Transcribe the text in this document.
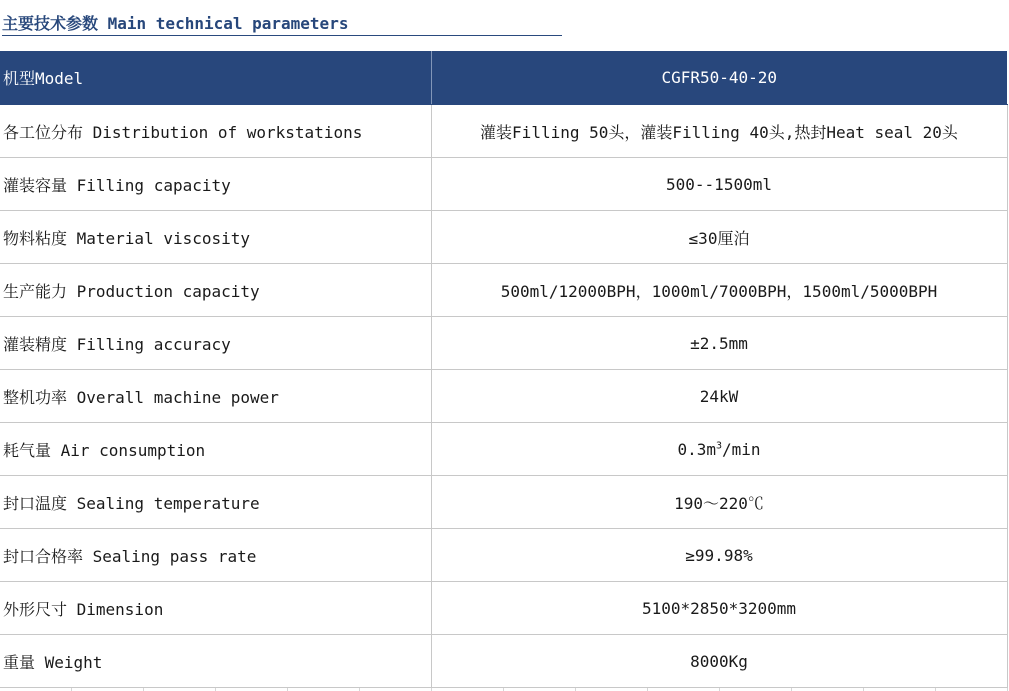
主要技术参数 Main technical parameters
机型Model	CGFR50-40-20
各工位分布 Distribution of workstations	灌装Filling 50头，灌装Filling 40头,热封Heat seal 20头
灌装容量 Filling capacity	500--1500ml
物料粘度 Material viscosity	≤30厘泊
生产能力 Production capacity	500ml/12000BPH，1000ml/7000BPH，1500ml/5000BPH
灌装精度 Filling accuracy	±2.5mm
整机功率 Overall machine power	24kW
耗气量 Air consumption	$0.3m^3/\min$
封口温度 Sealing temperature	190～220℃
封口合格率 Sealing pass rate	≥99.98%
外形尺寸 Dimension	5100*2850*3200mm
重量 Weight	8000Kg
